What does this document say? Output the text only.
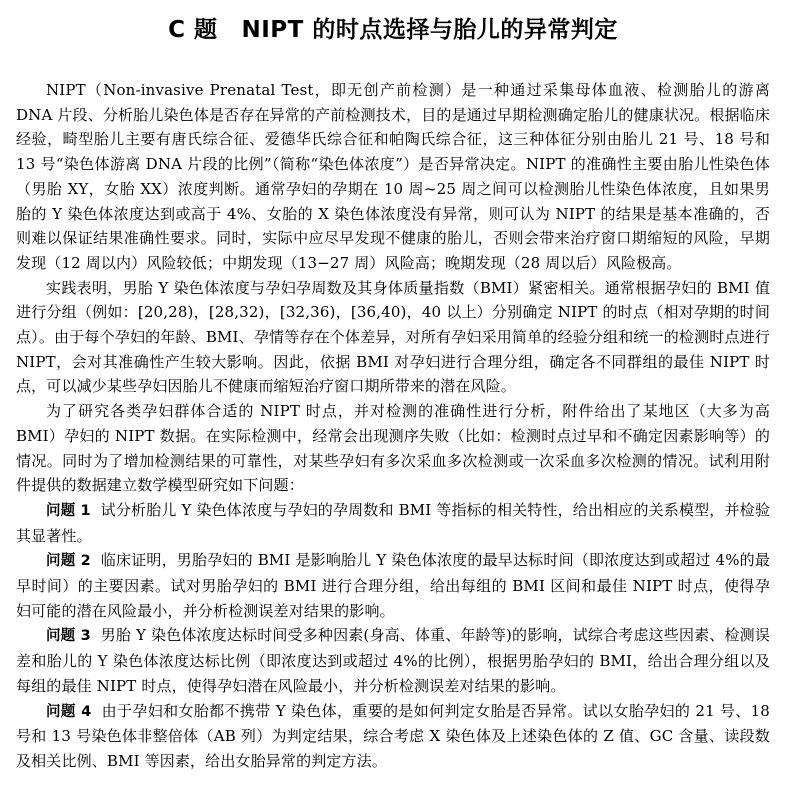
C 题 NIPT 的时点选择与胎儿的异常判定

NIPT（Non-invasive Prenatal Test，即无创产前检测）是一种通过采集母体血液、检测胎儿的游离 DNA 片段、分析胎儿染色体是否存在异常的产前检测技术，目的是通过早期检测确定胎儿的健康状况。根据临床经验，畸型胎儿主要有唐氏综合征、爱德华氏综合征和帕陶氏综合征，这三种体征分别由胎儿 21 号、18 号和 13 号“染色体游离 DNA 片段的比例”（简称“染色体浓度”）是否异常决定。NIPT 的准确性主要由胎儿性染色体（男胎 XY，女胎 XX）浓度判断。通常孕妇的孕期在 10 周~25 周之间可以检测胎儿性染色体浓度，且如果男胎的 Y 染色体浓度达到或高于 4%、女胎的 X 染色体浓度没有异常，则可认为 NIPT 的结果是基本准确的，否则难以保证结果准确性要求。同时，实际中应尽早发现不健康的胎儿，否则会带来治疗窗口期缩短的风险，早期发现（12 周以内）风险较低；中期发现（13−27 周）风险高；晚期发现（28 周以后）风险极高。

实践表明，男胎 Y 染色体浓度与孕妇孕周数及其身体质量指数（BMI）紧密相关。通常根据孕妇的 BMI 值进行分组（例如：[20,28)，[28,32)，[32,36)，[36,40)，40 以上）分别确定 NIPT 的时点（相对孕期的时间点）。由于每个孕妇的年龄、BMI、孕情等存在个体差异，对所有孕妇采用简单的经验分组和统一的检测时点进行 NIPT，会对其准确性产生较大影响。因此，依据 BMI 对孕妇进行合理分组，确定各不同群组的最佳 NIPT 时点，可以减少某些孕妇因胎儿不健康而缩短治疗窗口期所带来的潜在风险。

为了研究各类孕妇群体合适的 NIPT 时点，并对检测的准确性进行分析，附件给出了某地区（大多为高 BMI）孕妇的 NIPT 数据。在实际检测中，经常会出现测序失败（比如：检测时点过早和不确定因素影响等）的情况。同时为了增加检测结果的可靠性，对某些孕妇有多次采血多次检测或一次采血多次检测的情况。试利用附件提供的数据建立数学模型研究如下问题：

问题 1 试分析胎儿 Y 染色体浓度与孕妇的孕周数和 BMI 等指标的相关特性，给出相应的关系模型，并检验其显著性。

问题 2 临床证明，男胎孕妇的 BMI 是影响胎儿 Y 染色体浓度的最早达标时间（即浓度达到或超过 4%的最早时间）的主要因素。试对男胎孕妇的 BMI 进行合理分组，给出每组的 BMI 区间和最佳 NIPT 时点，使得孕妇可能的潜在风险最小，并分析检测误差对结果的影响。

问题 3 男胎 Y 染色体浓度达标时间受多种因素(身高、体重、年龄等)的影响，试综合考虑这些因素、检测误差和胎儿的 Y 染色体浓度达标比例（即浓度达到或超过 4%的比例），根据男胎孕妇的 BMI，给出合理分组以及每组的最佳 NIPT 时点，使得孕妇潜在风险最小，并分析检测误差对结果的影响。

问题 4 由于孕妇和女胎都不携带 Y 染色体，重要的是如何判定女胎是否异常。试以女胎孕妇的 21 号、18 号和 13 号染色体非整倍体（AB 列）为判定结果，综合考虑 X 染色体及上述染色体的 Z 值、GC 含量、读段数及相关比例、BMI 等因素，给出女胎异常的判定方法。
